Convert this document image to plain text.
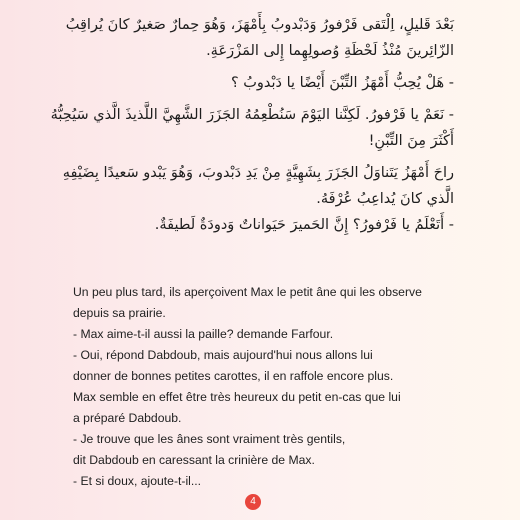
بَعْدَ قَليلٍ، اِلْتَقى فَرْفورُ وَدَبْدوبُ بِأَمْهَزَ، وَهُوَ حِمارٌ صَغيرٌ كانَ يُراقِبُ
الزّائِرينَ مُنْذُ لَحْظَةِ وُصولِهِما إِلى المَزْرَعَةِ.
- هَلْ يُحِبُّ أَمْهَزُ التِّبْنَ أَيْضًا يا دَبْدوبُ ؟
- نَعَمْ يا فَرْفورُ. لَكِنَّنا اليَوْمَ سَنُطْعِمُهُ الجَزَرَ الشَّهِيَّ اللَّذيذَ الَّذي سَيُحِبُّهُ
أَكْثَرَ مِنَ التِّبْنِ!
راحَ أَمْهَزُ يَتَناوَلُ الجَزَرَ بِشَهِيَّةٍ مِنْ يَدِ دَبْدوبَ، وَهُوَ يَبْدو سَعيدًا بِضَيْفِهِ
الَّذي كانَ يُداعِبُ عُرْفَهُ.
- أَتَعْلَمُ يا فَرْفورُ؟ إِنَّ الحَميرَ حَيَواناتٌ وَدودَةٌ لَطيفَةٌ.
Un peu plus tard, ils aperçoivent Max le petit âne qui les observe
depuis sa prairie.
- Max aime-t-il aussi la paille? demande Farfour.
- Oui, répond Dabdoub, mais aujourd'hui nous allons lui
donner de bonnes petites carottes, il en raffole encore plus.
Max semble en effet être très heureux du petit en-cas que lui
a préparé Dabdoub.
- Je trouve que les ânes sont vraiment très gentils,
dit Dabdoub en caressant la crinière de Max.
- Et si doux, ajoute-t-il...
4
